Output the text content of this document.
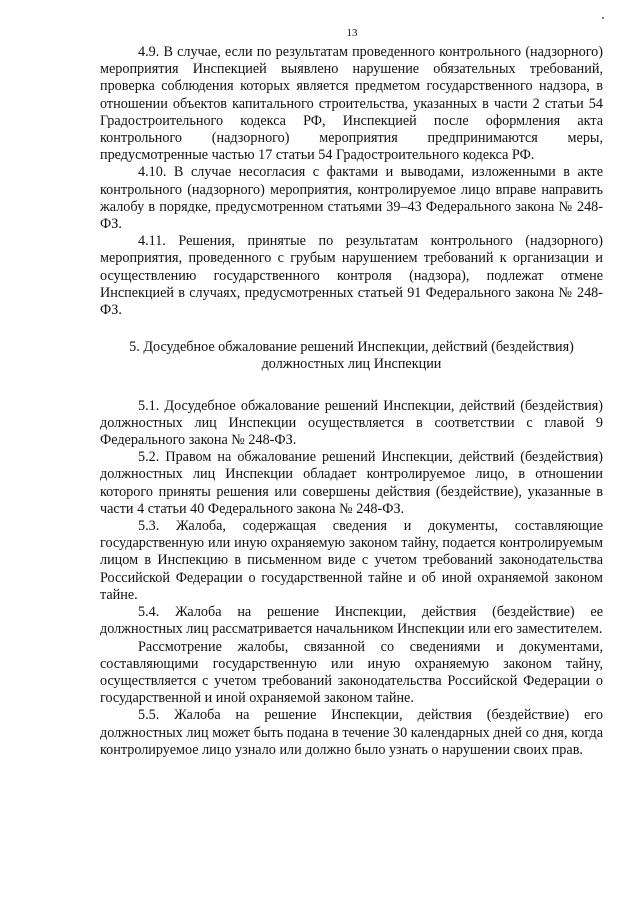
13

4.9. В случае, если по результатам проведенного контрольного (надзорного) мероприятия Инспекцией выявлено нарушение обязательных требований, проверка соблюдения которых является предметом государственного надзора, в отношении объектов капитального строительства, указанных в части 2 статьи 54 Градостроительного кодекса РФ, Инспекцией после оформления акта контрольного (надзорного) мероприятия предпринимаются меры, предусмотренные частью 17 статьи 54 Градостроительного кодекса РФ.

4.10. В случае несогласия с фактами и выводами, изложенными в акте контрольного (надзорного) мероприятия, контролируемое лицо вправе направить жалобу в порядке, предусмотренном статьями 39–43 Федерального закона № 248-ФЗ.

4.11. Решения, принятые по результатам контрольного (надзорного) мероприятия, проведенного с грубым нарушением требований к организации и осуществлению государственного контроля (надзора), подлежат отмене Инспекцией в случаях, предусмотренных статьей 91 Федерального закона № 248-ФЗ.

5. Досудебное обжалование решений Инспекции, действий (бездействия) должностных лиц Инспекции

5.1. Досудебное обжалование решений Инспекции, действий (бездействия) должностных лиц Инспекции осуществляется в соответствии с главой 9 Федерального закона № 248-ФЗ.

5.2. Правом на обжалование решений Инспекции, действий (бездействия) должностных лиц Инспекции обладает контролируемое лицо, в отношении которого приняты решения или совершены действия (бездействие), указанные в части 4 статьи 40 Федерального закона № 248-ФЗ.

5.3. Жалоба, содержащая сведения и документы, составляющие государственную или иную охраняемую законом тайну, подается контролируемым лицом в Инспекцию в письменном виде с учетом требований законодательства Российской Федерации о государственной тайне и об иной охраняемой законом тайне.

5.4. Жалоба на решение Инспекции, действия (бездействие) ее должностных лиц рассматривается начальником Инспекции или его заместителем.

Рассмотрение жалобы, связанной со сведениями и документами, составляющими государственную или иную охраняемую законом тайну, осуществляется с учетом требований законодательства Российской Федерации о государственной и иной охраняемой законом тайне.

5.5. Жалоба на решение Инспекции, действия (бездействие) его должностных лиц может быть подана в течение 30 календарных дней со дня, когда контролируемое лицо узнало или должно было узнать о нарушении своих прав.
